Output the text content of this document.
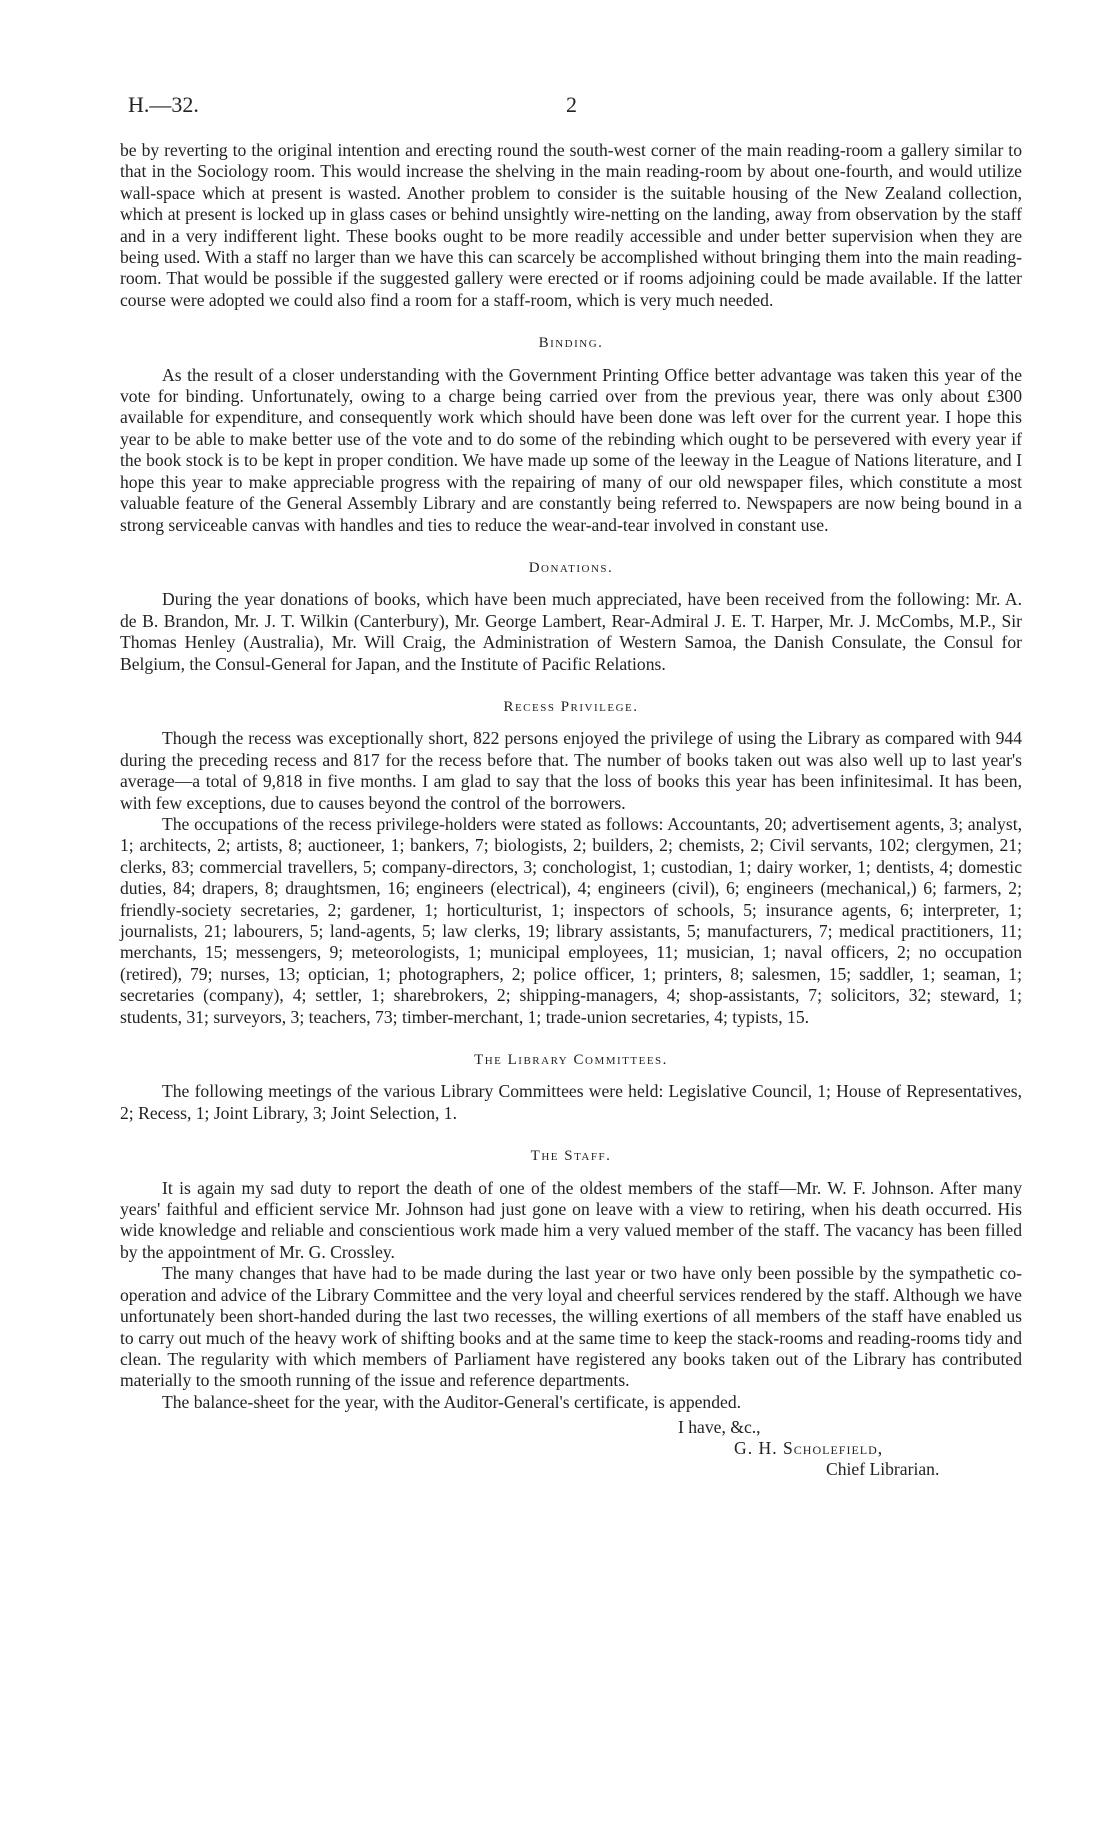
H.—32.	2

be by reverting to the original intention and erecting round the south-west corner of the main reading-room a gallery similar to that in the Sociology room. This would increase the shelving in the main reading-room by about one-fourth, and would utilize wall-space which at present is wasted. Another problem to consider is the suitable housing of the New Zealand collection, which at present is locked up in glass cases or behind unsightly wire-netting on the landing, away from observation by the staff and in a very indifferent light. These books ought to be more readily accessible and under better supervision when they are being used. With a staff no larger than we have this can scarcely be accomplished without bringing them into the main reading-room. That would be possible if the suggested gallery were erected or if rooms adjoining could be made available. If the latter course were adopted we could also find a room for a staff-room, which is very much needed.

Binding.

As the result of a closer understanding with the Government Printing Office better advantage was taken this year of the vote for binding. Unfortunately, owing to a charge being carried over from the previous year, there was only about £300 available for expenditure, and consequently work which should have been done was left over for the current year. I hope this year to be able to make better use of the vote and to do some of the rebinding which ought to be persevered with every year if the book stock is to be kept in proper condition. We have made up some of the leeway in the League of Nations literature, and I hope this year to make appreciable progress with the repairing of many of our old newspaper files, which constitute a most valuable feature of the General Assembly Library and are constantly being referred to. Newspapers are now being bound in a strong serviceable canvas with handles and ties to reduce the wear-and-tear involved in constant use.

Donations.

During the year donations of books, which have been much appreciated, have been received from the following: Mr. A. de B. Brandon, Mr. J. T. Wilkin (Canterbury), Mr. George Lambert, Rear-Admiral J. E. T. Harper, Mr. J. McCombs, M.P., Sir Thomas Henley (Australia), Mr. Will Craig, the Administration of Western Samoa, the Danish Consulate, the Consul for Belgium, the Consul-General for Japan, and the Institute of Pacific Relations.

Recess Privilege.

Though the recess was exceptionally short, 822 persons enjoyed the privilege of using the Library as compared with 944 during the preceding recess and 817 for the recess before that. The number of books taken out was also well up to last year's average—a total of 9,818 in five months. I am glad to say that the loss of books this year has been infinitesimal. It has been, with few exceptions, due to causes beyond the control of the borrowers.

The occupations of the recess privilege-holders were stated as follows: Accountants, 20; advertisement agents, 3; analyst, 1; architects, 2; artists, 8; auctioneer, 1; bankers, 7; biologists, 2; builders, 2; chemists, 2; Civil servants, 102; clergymen, 21; clerks, 83; commercial travellers, 5; company-directors, 3; conchologist, 1; custodian, 1; dairy worker, 1; dentists, 4; domestic duties, 84; drapers, 8; draughtsmen, 16; engineers (electrical), 4; engineers (civil), 6; engineers (mechanical,) 6; farmers, 2; friendly-society secretaries, 2; gardener, 1; horticulturist, 1; inspectors of schools, 5; insurance agents, 6; interpreter, 1; journalists, 21; labourers, 5; land-agents, 5; law clerks, 19; library assistants, 5; manufacturers, 7; medical practitioners, 11; merchants, 15; messengers, 9; meteorologists, 1; municipal employees, 11; musician, 1; naval officers, 2; no occupation (retired), 79; nurses, 13; optician, 1; photographers, 2; police officer, 1; printers, 8; salesmen, 15; saddler, 1; seaman, 1; secretaries (company), 4; settler, 1; sharebrokers, 2; shipping-managers, 4; shop-assistants, 7; solicitors, 32; steward, 1; students, 31; surveyors, 3; teachers, 73; timber-merchant, 1; trade-union secretaries, 4; typists, 15.

The Library Committees.

The following meetings of the various Library Committees were held: Legislative Council, 1; House of Representatives, 2; Recess, 1; Joint Library, 3; Joint Selection, 1.

The Staff.

It is again my sad duty to report the death of one of the oldest members of the staff—Mr. W. F. Johnson. After many years' faithful and efficient service Mr. Johnson had just gone on leave with a view to retiring, when his death occurred. His wide knowledge and reliable and conscientious work made him a very valued member of the staff. The vacancy has been filled by the appointment of Mr. G. Crossley.

The many changes that have had to be made during the last year or two have only been possible by the sympathetic co-operation and advice of the Library Committee and the very loyal and cheerful services rendered by the staff. Although we have unfortunately been short-handed during the last two recesses, the willing exertions of all members of the staff have enabled us to carry out much of the heavy work of shifting books and at the same time to keep the stack-rooms and reading-rooms tidy and clean. The regularity with which members of Parliament have registered any books taken out of the Library has contributed materially to the smooth running of the issue and reference departments.

The balance-sheet for the year, with the Auditor-General's certificate, is appended.

I have, &c.,
G. H. Scholefield,
Chief Librarian.
